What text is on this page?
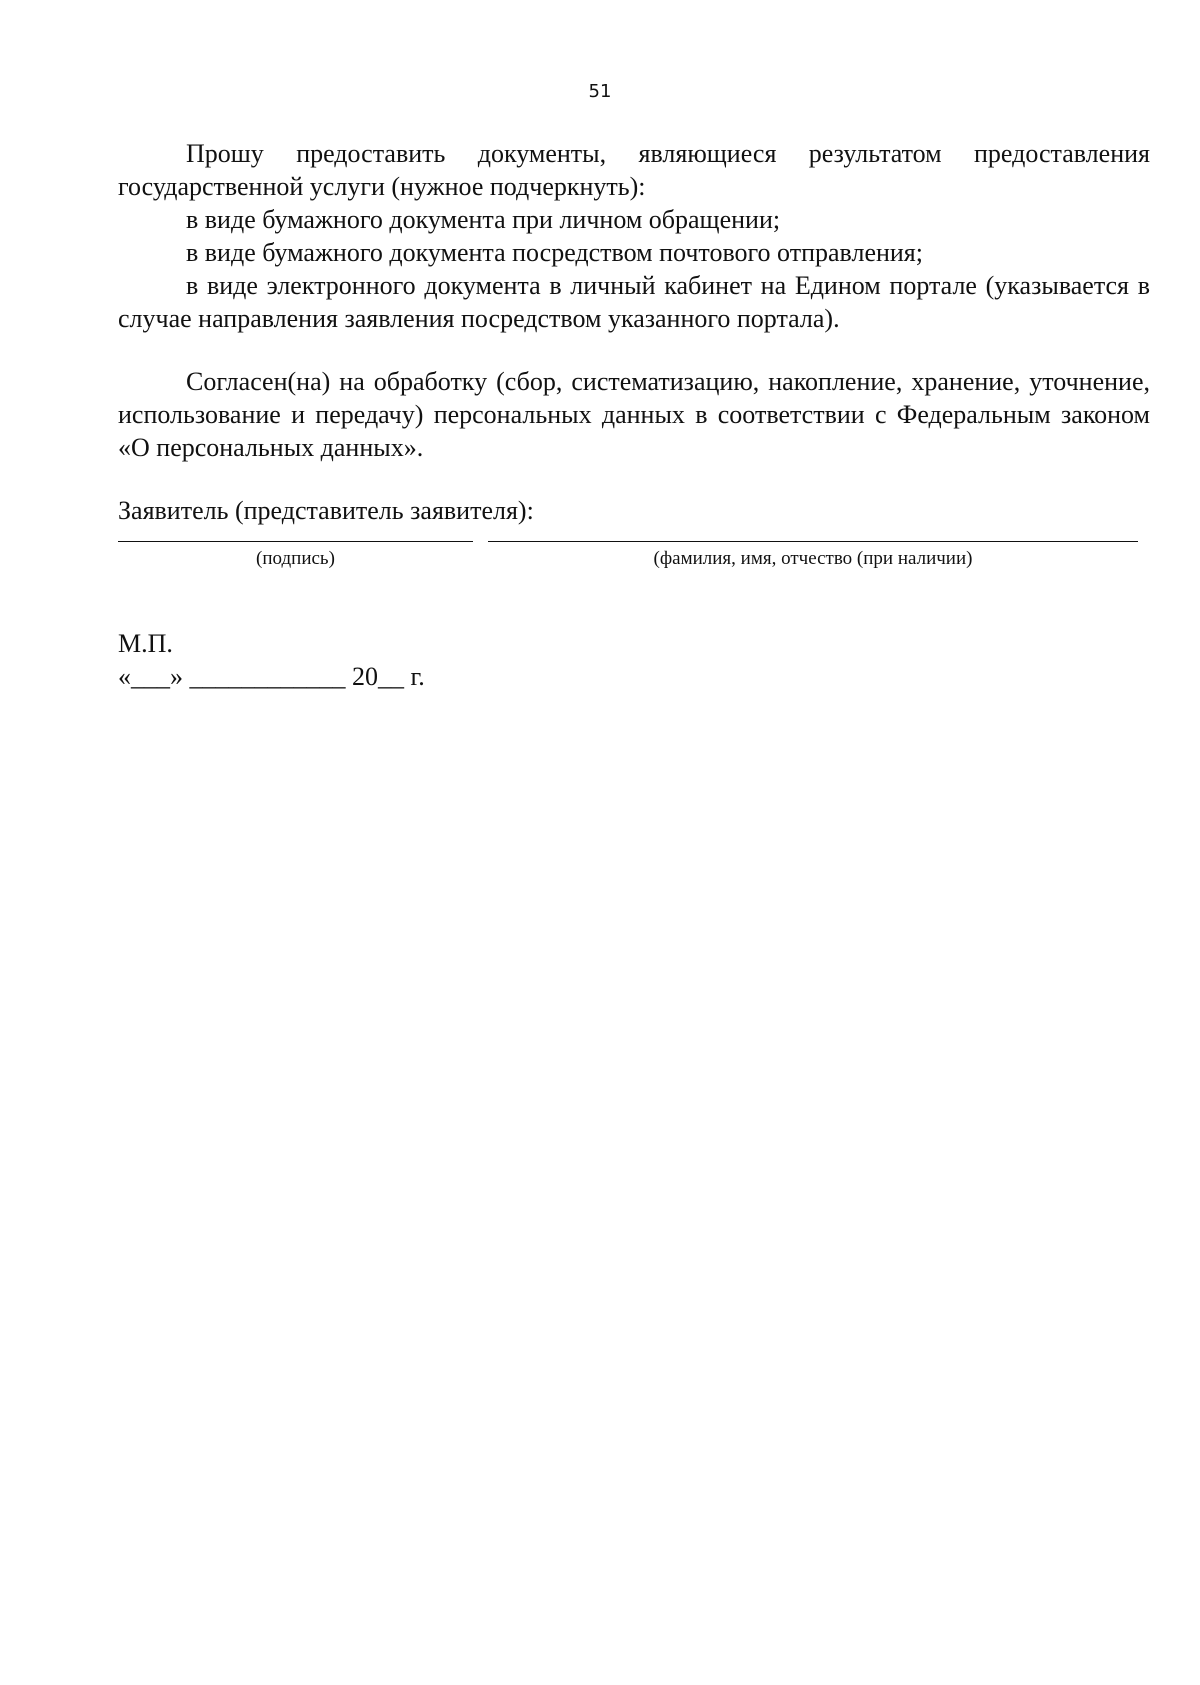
51

Прошу предоставить документы, являющиеся результатом предоставления государственной услуги (нужное подчеркнуть):

в виде бумажного документа при личном обращении;

в виде бумажного документа посредством почтового отправления;

в виде электронного документа в личный кабинет на Едином портале (указывается в случае направления заявления посредством указанного портала).

Согласен(на) на обработку (сбор, систематизацию, накопление, хранение, уточнение, использование и передачу) персональных данных в соответствии с Федеральным законом «О персональных данных».

Заявитель (представитель заявителя):

(подпись)	(фамилия, имя, отчество (при наличии)

М.П.

«___» ____________ 20__ г.
